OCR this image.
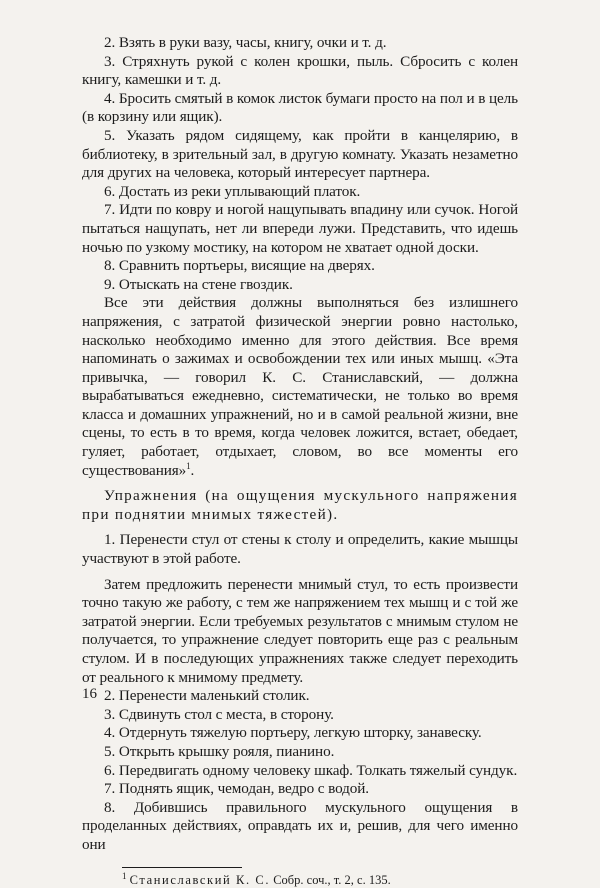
2. Взять в руки вазу, часы, книгу, очки и т. д.

3. Стряхнуть рукой с колен крошки, пыль. Сбросить с колен книгу, камешки и т. д.

4. Бросить смятый в комок листок бумаги просто на пол и в цель (в корзину или ящик).

5. Указать рядом сидящему, как пройти в канцелярию, в библиотеку, в зрительный зал, в другую комнату. Указать незаметно для других на человека, который интересует партнера.

6. Достать из реки уплывающий платок.

7. Идти по ковру и ногой нащупывать впадину или сучок. Ногой пытаться нащупать, нет ли впереди лужи. Представить, что идешь ночью по узкому мостику, на котором не хватает одной доски.

8. Сравнить портьеры, висящие на дверях.

9. Отыскать на стене гвоздик.

Все эти действия должны выполняться без излишнего напряжения, с затратой физической энергии ровно настолько, насколько необходимо именно для этого действия. Все время напоминать о зажимах и освобождении тех или иных мышц. «Эта привычка, — говорил К. С. Станиславский, — должна вырабатываться ежедневно, систематически, не только во время класса и домашних упражнений, но и в самой реальной жизни, вне сцены, то есть в то время, когда человек ложится, встает, обедает, гуляет, работает, отдыхает, словом, во все моменты его существования»$^1$.

Упражнения (на ощущения мускульного напряжения при поднятии мнимых тяжестей).

1. Перенести стул от стены к столу и определить, какие мышцы участвуют в этой работе.

Затем предложить перенести мнимый стул, то есть произвести точно такую же работу, с тем же напряжением тех мышц и с той же затратой энергии. Если требуемых результатов с мнимым стулом не получается, то упражнение следует повторить еще раз с реальным стулом. И в последующих упражнениях также следует переходить от реального к мнимому предмету.

2. Перенести маленький столик.

3. Сдвинуть стол с места, в сторону.

4. Отдернуть тяжелую портьеру, легкую шторку, занавеску.

5. Открыть крышку рояля, пианино.

6. Передвигать одному человеку шкаф. Толкать тяжелый сундук.

7. Поднять ящик, чемодан, ведро с водой.

8. Добившись правильного мускульного ощущения в проделанных действиях, оправдать их и, решив, для чего именно они

$^1$ Станиславский К. С. Собр. соч., т. 2, с. 135.

16
